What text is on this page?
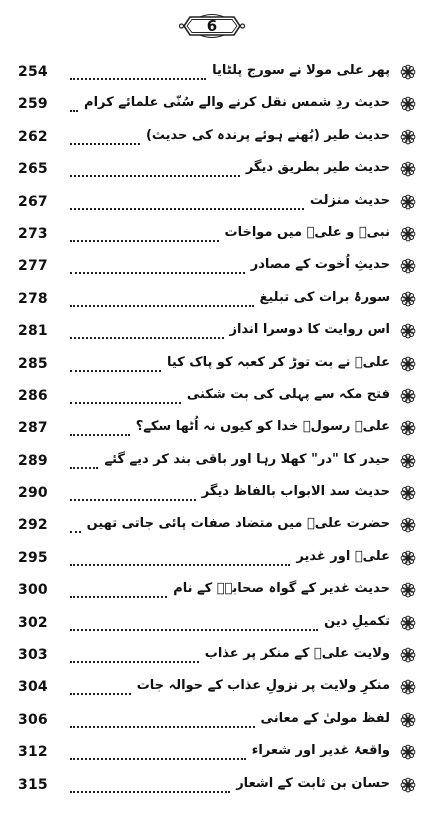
6
254	پھر علی مولا نے سورج پلٹایا
259	حدیث ردِ شمس نقل کرنے والے سُنّی علمائے کرام
262	حدیث طیر (بُھنے ہوئے پرندہ کی حدیث)
265	حدیث طیر بطریق دیگر
267	حدیث منزلت
273	نبیؐ و علیؑ میں مواخات
277	حدیثِ اُخوت کے مصادر
278	سورۂ برات کی تبلیغ
281	اس روایت کا دوسرا انداز
285	علیؑ نے بت توڑ کر کعبہ کو پاک کیا
286	فتح مکہ سے پہلی کی بت شکنی
287	علیؑ رسولؐ خدا کو کیوں نہ اُٹھا سکے؟
289	حیدر کا "در" کھلا رہا اور باقی بند کر دیے گئے
290	حدیث سد الابواب بالفاظ دیگر
292	حضرت علیؑ میں متضاد صفات پائی جاتی تھیں
295	علیؑ اور غدیر
300	حدیث غدیر کے گواہ صحابہؓ کے نام
302	تکمیلِ دین
303	ولایت علیؑ کے منکر پر عذاب
304	منکرِ ولایت پر نزولِ عذاب کے حوالہ جات
306	لفظ مولیٰ کے معانی
312	واقعۂ غدیر اور شعراء
315	حسان بن ثابت کے اشعار
